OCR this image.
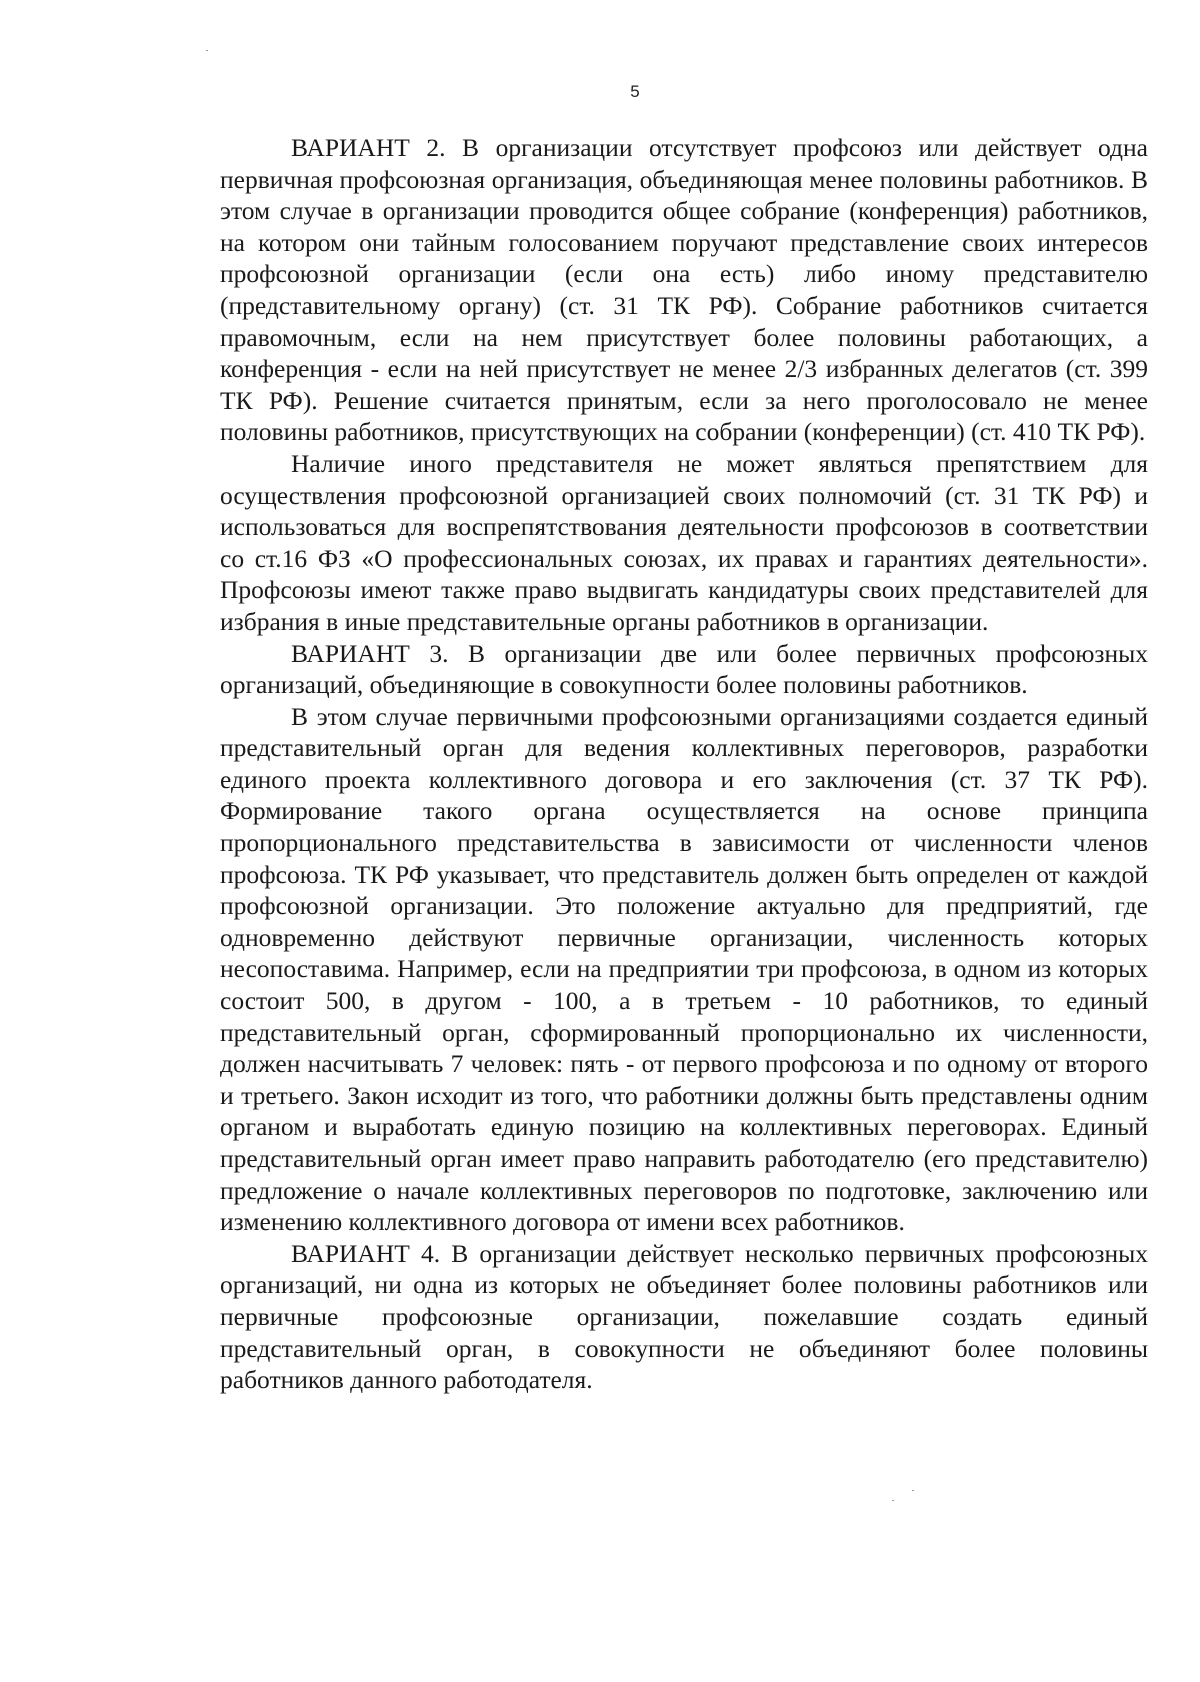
5

ВАРИАНТ 2. В организации отсутствует профсоюз или действует одна первичная профсоюзная организация, объединяющая менее половины работников. В этом случае в организации проводится общее собрание (конференция) работников, на котором они тайным голосованием поручают представление своих интересов профсоюзной организации (если она есть) либо иному представителю (представительному органу) (ст. 31 ТК РФ). Собрание работников считается правомочным, если на нем присутствует более половины работающих, а конференция - если на ней присутствует не менее 2/3 избранных делегатов (ст. 399 ТК РФ). Решение считается принятым, если за него проголосовало не менее половины работников, присутствующих на собрании (конференции) (ст. 410 ТК РФ).

Наличие иного представителя не может являться препятствием для осуществления профсоюзной организацией своих полномочий (ст. 31 ТК РФ) и использоваться для воспрепятствования деятельности профсоюзов в соответствии со ст.16 ФЗ «О профессиональных союзах, их правах и гарантиях деятельности». Профсоюзы имеют также право выдвигать кандидатуры своих представителей для избрания в иные представительные органы работников в организации.

ВАРИАНТ 3. В организации две или более первичных профсоюзных организаций, объединяющие в совокупности более половины работников.

В этом случае первичными профсоюзными организациями создается единый представительный орган для ведения коллективных переговоров, разработки единого проекта коллективного договора и его заключения (ст. 37 ТК РФ). Формирование такого органа осуществляется на основе принципа пропорционального представительства в зависимости от численности членов профсоюза. ТК РФ указывает, что представитель должен быть определен от каждой профсоюзной организации. Это положение актуально для предприятий, где одновременно действуют первичные организации, численность которых несопоставима. Например, если на предприятии три профсоюза, в одном из которых состоит 500, в другом - 100, а в третьем - 10 работников, то единый представительный орган, сформированный пропорционально их численности, должен насчитывать 7 человек: пять - от первого профсоюза и по одному от второго и третьего. Закон исходит из того, что работники должны быть представлены одним органом и выработать единую позицию на коллективных переговорах. Единый представительный орган имеет право направить работодателю (его представителю) предложение о начале коллективных переговоров по подготовке, заключению или изменению коллективного договора от имени всех работников.

ВАРИАНТ 4. В организации действует несколько первичных профсоюзных организаций, ни одна из которых не объединяет более половины работников или первичные профсоюзные организации, пожелавшие создать единый представительный орган, в совокупности не объединяют более половины работников данного работодателя.
